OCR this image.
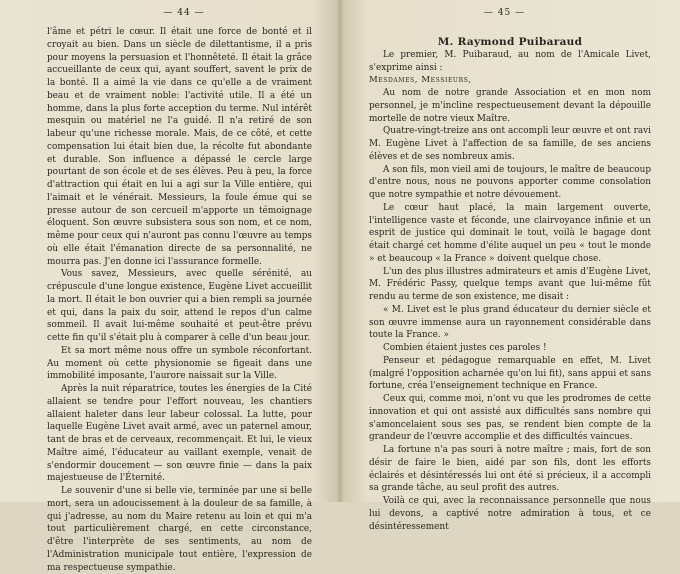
— 44 —

l'âme et pétri le cœur. Il était une force de bonté et il croyait au bien. Dans un siècle de dilettantisme, il a pris pour moyens la persuasion et l'honnêteté. Il était la grâce accueillante de ceux qui, ayant souffert, savent le prix de la bonté. Il a aimé la vie dans ce qu'elle a de vraiment beau et de vraiment noble: l'activité utile. Il a été un homme, dans la plus forte acception du terme. Nul intérêt mesquin ou matériel ne l'a guidé. Il n'a retiré de son labeur qu'une richesse morale. Mais, de ce côté, et cette compensation lui était bien due, la récolte fut abondante et durable. Son influence a dépassé le cercle large pourtant de son école et de ses élèves. Peu à peu, la force d'attraction qui était en lui a agi sur la Ville entière, qui l'aimait et le vénérait. Messieurs, la foule émue qui se presse autour de son cercueil m'apporte un témoignage éloquent. Son œuvre subsistera sous son nom, et ce nom, même pour ceux qui n'auront pas connu l'œuvre au temps où elle était l'émanation directe de sa personnalité, ne mourra pas. J'en donne ici l'assurance formelle.

Vous savez, Messieurs, avec quelle sérénité, au crépuscule d'une longue existence, Eugène Livet accueillit la mort. Il était le bon ouvrier qui a bien rempli sa journée et qui, dans la paix du soir, attend le repos d'un calme sommeil. Il avait lui-même souhaité et peut-être prévu cette fin qu'il s'était plu à comparer à celle d'un beau jour.

Et sa mort même nous offre un symbole réconfortant. Au moment où cette physionomie se figeait dans une immobilité imposante, l'aurore naissait sur la Ville.

Après la nuit réparatrice, toutes les énergies de la Cité allaient se tendre pour l'effort nouveau, les chantiers allaient haleter dans leur labeur colossal. La lutte, pour laquelle Eugène Livet avait armé, avec un paternel amour, tant de bras et de cerveaux, recommençait. Et lui, le vieux Maître aimé, l'éducateur au vaillant exemple, venait de s'endormir doucement — son œuvre finie — dans la paix majestueuse de l'Éternité.

Le souvenir d'une si belle vie, terminée par une si belle mort, sera un adoucissement à la douleur de sa famille, à qui j'adresse, au nom du Maire retenu au loin et qui m'a tout particulièrement chargé, en cette circonstance, d'être l'interprète de ses sentiments, au nom de l'Administration municipale tout entière, l'expression de ma respectueuse sympathie.

— 45 —

M. Raymond Puibaraud

Le premier, M. Puibaraud, au nom de l'Amicale Livet, s'exprime ainsi :

Mesdames, Messieurs,

Au nom de notre grande Association et en mon nom personnel, je m'incline respectueusement devant la dépouille mortelle de notre vieux Maître.

Quatre-vingt-treize ans ont accompli leur œuvre et ont ravi M. Eugène Livet à l'affection de sa famille, de ses anciens élèves et de ses nombreux amis.

A son fils, mon vieil ami de toujours, le maître de beaucoup d'entre nous, nous ne pouvons apporter comme consolation que notre sympathie et notre dévouement.

Le cœur haut placé, la main largement ouverte, l'intelligence vaste et féconde, une clairvoyance infinie et un esprit de justice qui dominait le tout, voilà le bagage dont était chargé cet homme d'élite auquel un peu « tout le monde » et beaucoup « la France » doivent quelque chose.

L'un des plus illustres admirateurs et amis d'Eugène Livet, M. Frédéric Passy, quelque temps avant que lui-même fût rendu au terme de son existence, me disait :

« M. Livet est le plus grand éducateur du dernier siècle et son œuvre immense aura un rayonnement considérable dans toute la France. »

Combien étaient justes ces paroles !

Penseur et pédagogue remarquable en effet, M. Livet (malgré l'opposition acharnée qu'on lui fit), sans appui et sans fortune, créa l'enseignement technique en France.

Ceux qui, comme moi, n'ont vu que les prodromes de cette innovation et qui ont assisté aux difficultés sans nombre qui s'amoncelaient sous ses pas, se rendent bien compte de la grandeur de l'œuvre accomplie et des difficultés vaincues.

La fortune n'a pas souri à notre maître ; mais, fort de son désir de faire le bien, aidé par son fils, dont les efforts éclairés et désintéressés lui ont été si précieux, il a accompli sa grande tâche, au seul profit des autres.

Voilà ce qui, avec la reconnaissance personnelle que nous lui devons, a captivé notre admiration à tous, et ce désintéressement
